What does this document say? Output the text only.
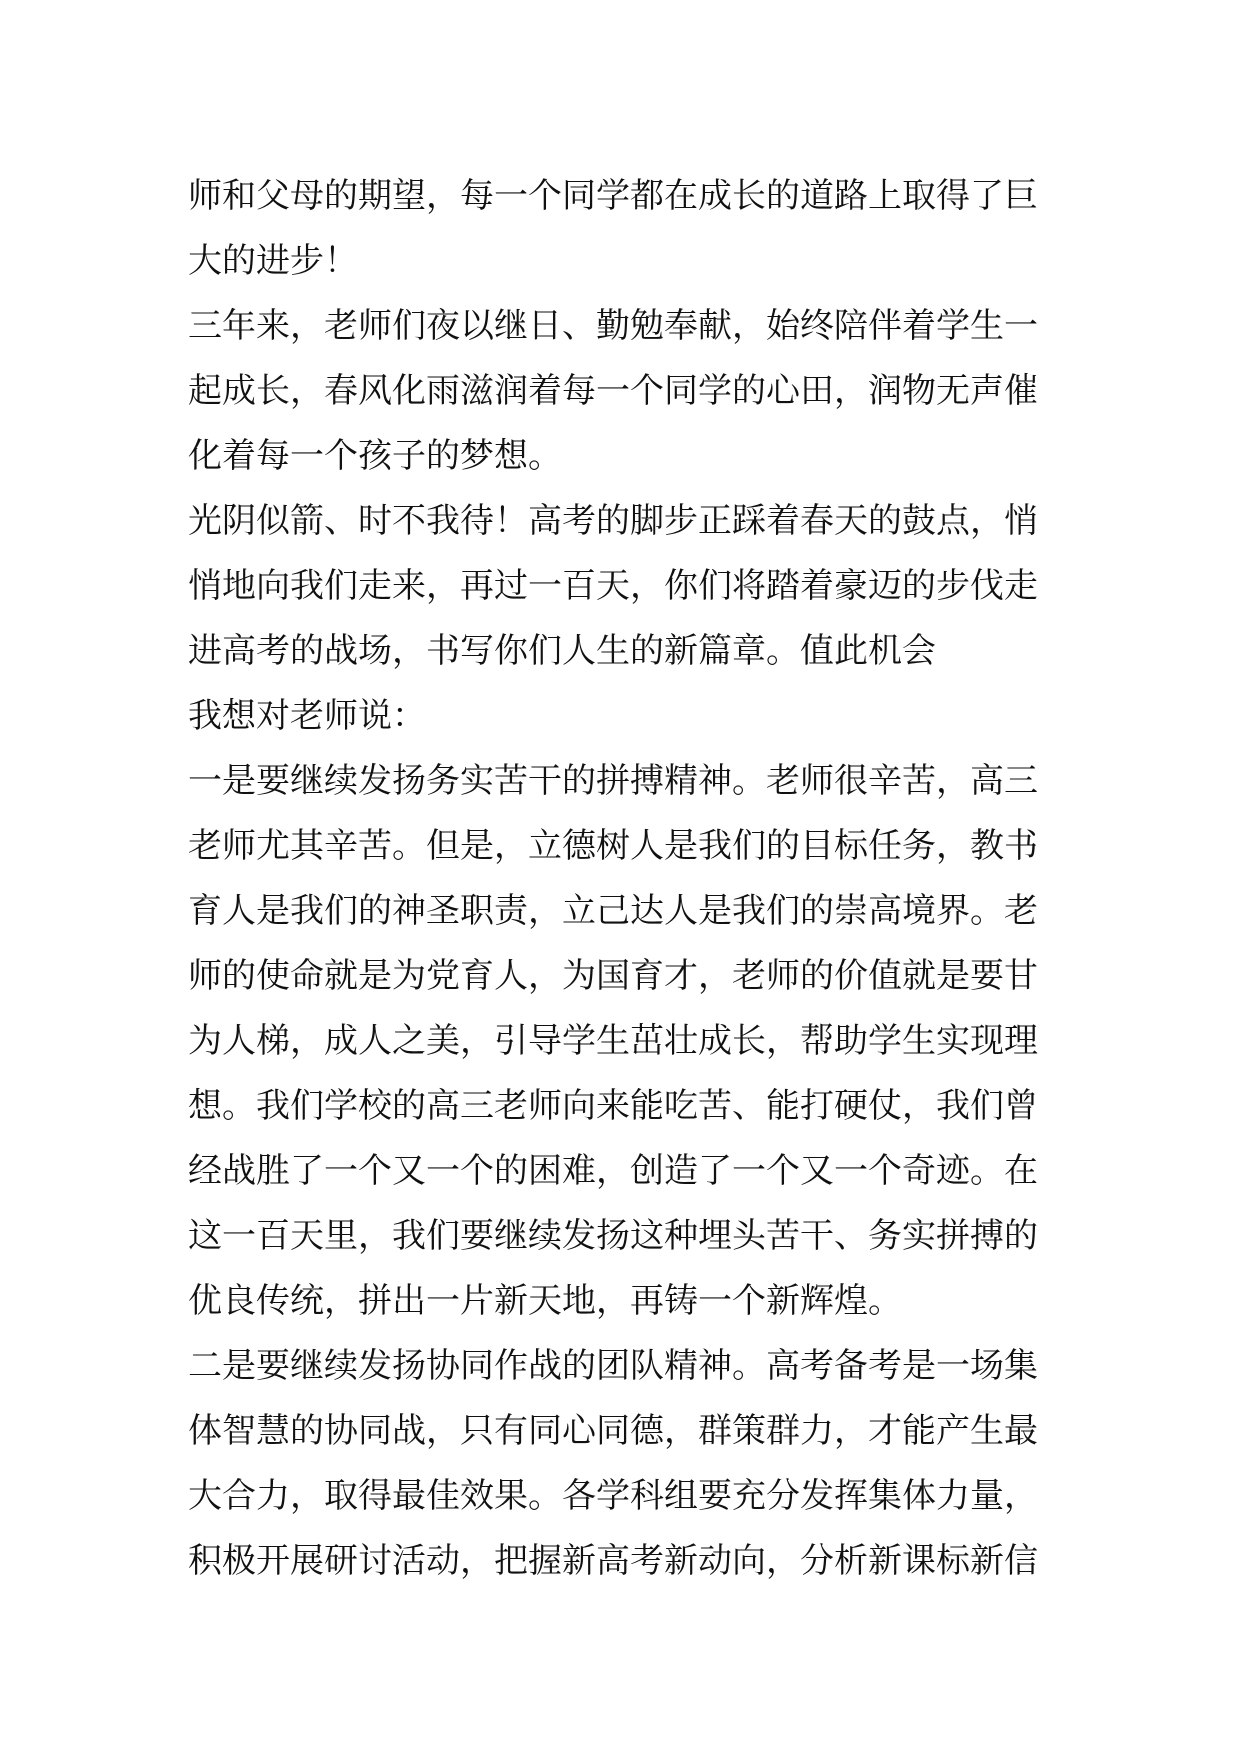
师和父母的期望，每一个同学都在成长的道路上取得了巨
大的进步！
三年来，老师们夜以继日、勤勉奉献，始终陪伴着学生一
起成长，春风化雨滋润着每一个同学的心田，润物无声催
化着每一个孩子的梦想。
光阴似箭、时不我待！高考的脚步正踩着春天的鼓点，悄
悄地向我们走来，再过一百天，你们将踏着豪迈的步伐走
进高考的战场，书写你们人生的新篇章。值此机会
我想对老师说：
一是要继续发扬务实苦干的拼搏精神。老师很辛苦，高三
老师尤其辛苦。但是，立德树人是我们的目标任务，教书
育人是我们的神圣职责，立己达人是我们的崇高境界。老
师的使命就是为党育人，为国育才，老师的价值就是要甘
为人梯，成人之美，引导学生茁壮成长，帮助学生实现理
想。我们学校的高三老师向来能吃苦、能打硬仗，我们曾
经战胜了一个又一个的困难，创造了一个又一个奇迹。在
这一百天里，我们要继续发扬这种埋头苦干、务实拼搏的
优良传统，拼出一片新天地，再铸一个新辉煌。
二是要继续发扬协同作战的团队精神。高考备考是一场集
体智慧的协同战，只有同心同德，群策群力，才能产生最
大合力，取得最佳效果。各学科组要充分发挥集体力量，
积极开展研讨活动，把握新高考新动向，分析新课标新信
